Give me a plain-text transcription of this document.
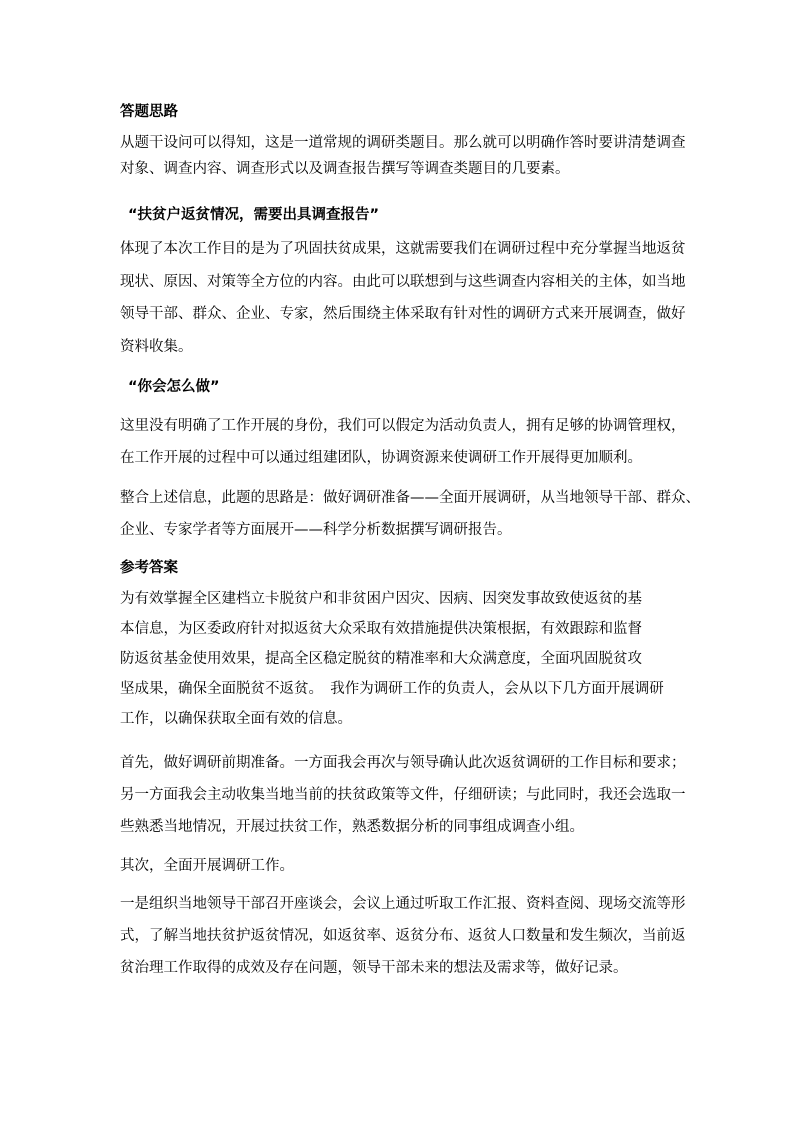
答题思路

从题干设问可以得知，这是一道常规的调研类题目。那么就可以明确作答时要讲清楚调查
对象、调查内容、调查形式以及调查报告撰写等调查类题目的几要素。

“扶贫户返贫情况，需要出具调查报告”

体现了本次工作目的是为了巩固扶贫成果，这就需要我们在调研过程中充分掌握当地返贫
现状、原因、对策等全方位的内容。由此可以联想到与这些调查内容相关的主体，如当地
领导干部、群众、企业、专家，然后围绕主体采取有针对性的调研方式来开展调查，做好
资料收集。

“你会怎么做”

这里没有明确了工作开展的身份，我们可以假定为活动负责人，拥有足够的协调管理权，
在工作开展的过程中可以通过组建团队，协调资源来使调研工作开展得更加顺利。

整合上述信息，此题的思路是：做好调研准备——全面开展调研，从当地领导干部、群众、
企业、专家学者等方面展开——科学分析数据撰写调研报告。

参考答案

为有效掌握全区建档立卡脱贫户和非贫困户因灾、因病、因突发事故致使返贫的基
本信息，为区委政府针对拟返贫大众采取有效措施提供决策根据，有效跟踪和监督
防返贫基金使用效果，提高全区稳定脱贫的精准率和大众满意度，全面巩固脱贫攻
坚成果，确保全面脱贫不返贫。　我作为调研工作的负责人，会从以下几方面开展调研
工作，以确保获取全面有效的信息。

首先，做好调研前期准备。一方面我会再次与领导确认此次返贫调研的工作目标和要求；
另一方面我会主动收集当地当前的扶贫政策等文件，仔细研读；与此同时，我还会选取一
些熟悉当地情况，开展过扶贫工作，熟悉数据分析的同事组成调查小组。

其次，全面开展调研工作。

一是组织当地领导干部召开座谈会，会议上通过听取工作汇报、资料查阅、现场交流等形
式，了解当地扶贫护返贫情况，如返贫率、返贫分布、返贫人口数量和发生频次，当前返
贫治理工作取得的成效及存在问题，领导干部未来的想法及需求等，做好记录。
